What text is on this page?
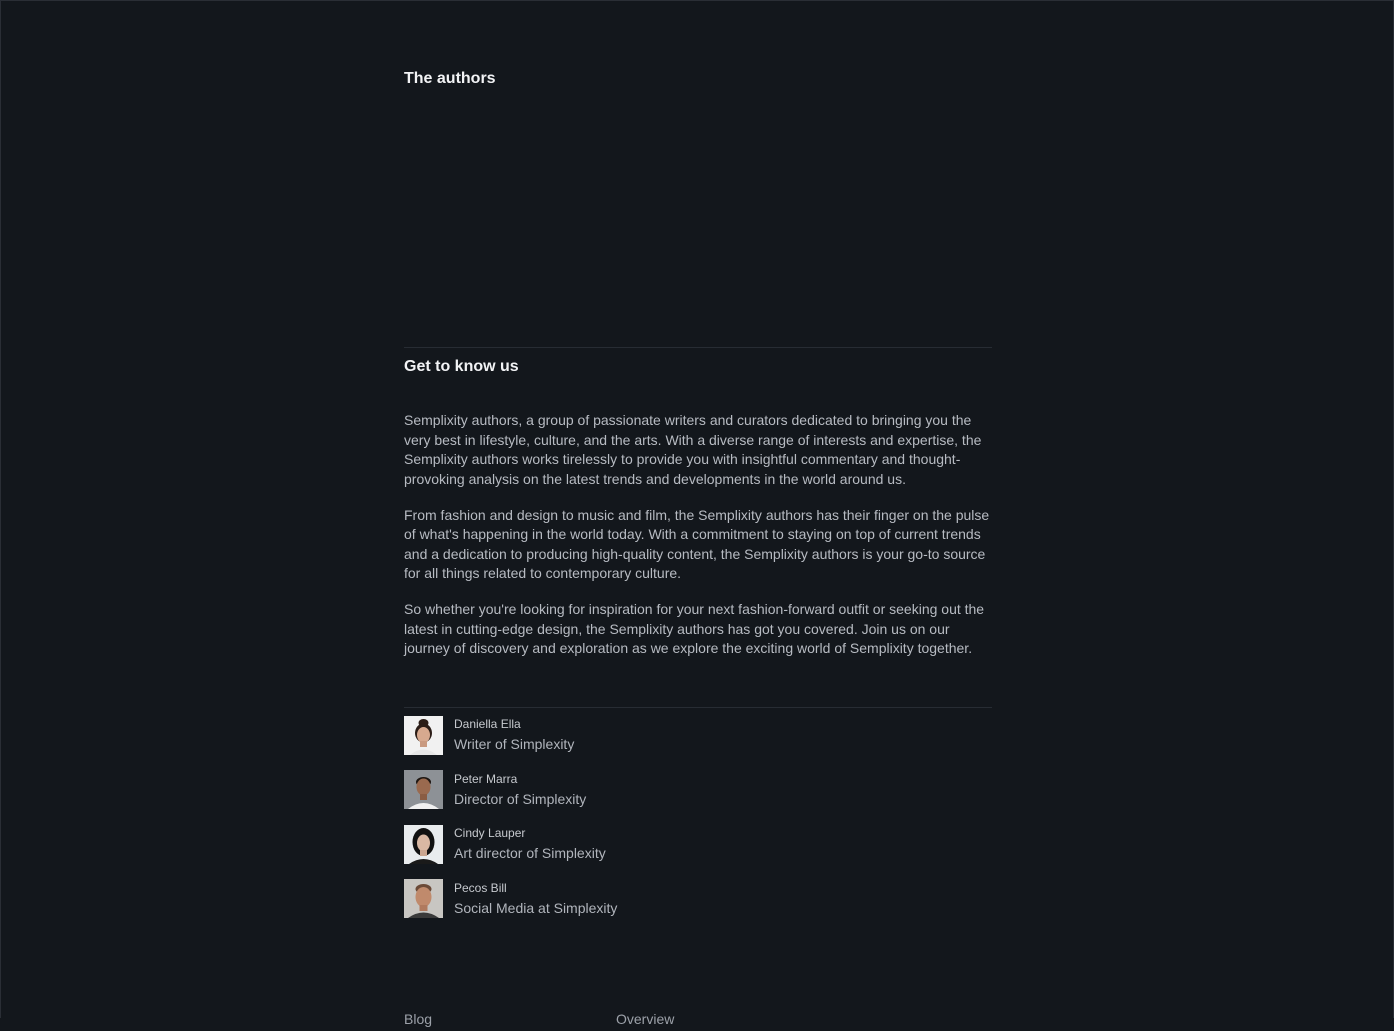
The authors
Get to know us

Semplixity authors, a group of passionate writers and curators dedicated to bringing you the very best in lifestyle, culture, and the arts. With a diverse range of interests and expertise, the Semplixity authors works tirelessly to provide you with insightful commentary and thought-provoking analysis on the latest trends and developments in the world around us.

From fashion and design to music and film, the Semplixity authors has their finger on the pulse of what's happening in the world today. With a commitment to staying on top of current trends and a dedication to producing high-quality content, the Semplixity authors is your go-to source for all things related to contemporary culture.

So whether you're looking for inspiration for your next fashion-forward outfit or seeking out the latest in cutting-edge design, the Semplixity authors has got you covered. Join us on our journey of discovery and exploration as we explore the exciting world of Semplixity together.

Daniella Ella
Writer of Simplexity
Peter Marra
Director of Simplexity
Cindy Lauper
Art director of Simplexity
Pecos Bill
Social Media at Simplexity
Blog	Overview
